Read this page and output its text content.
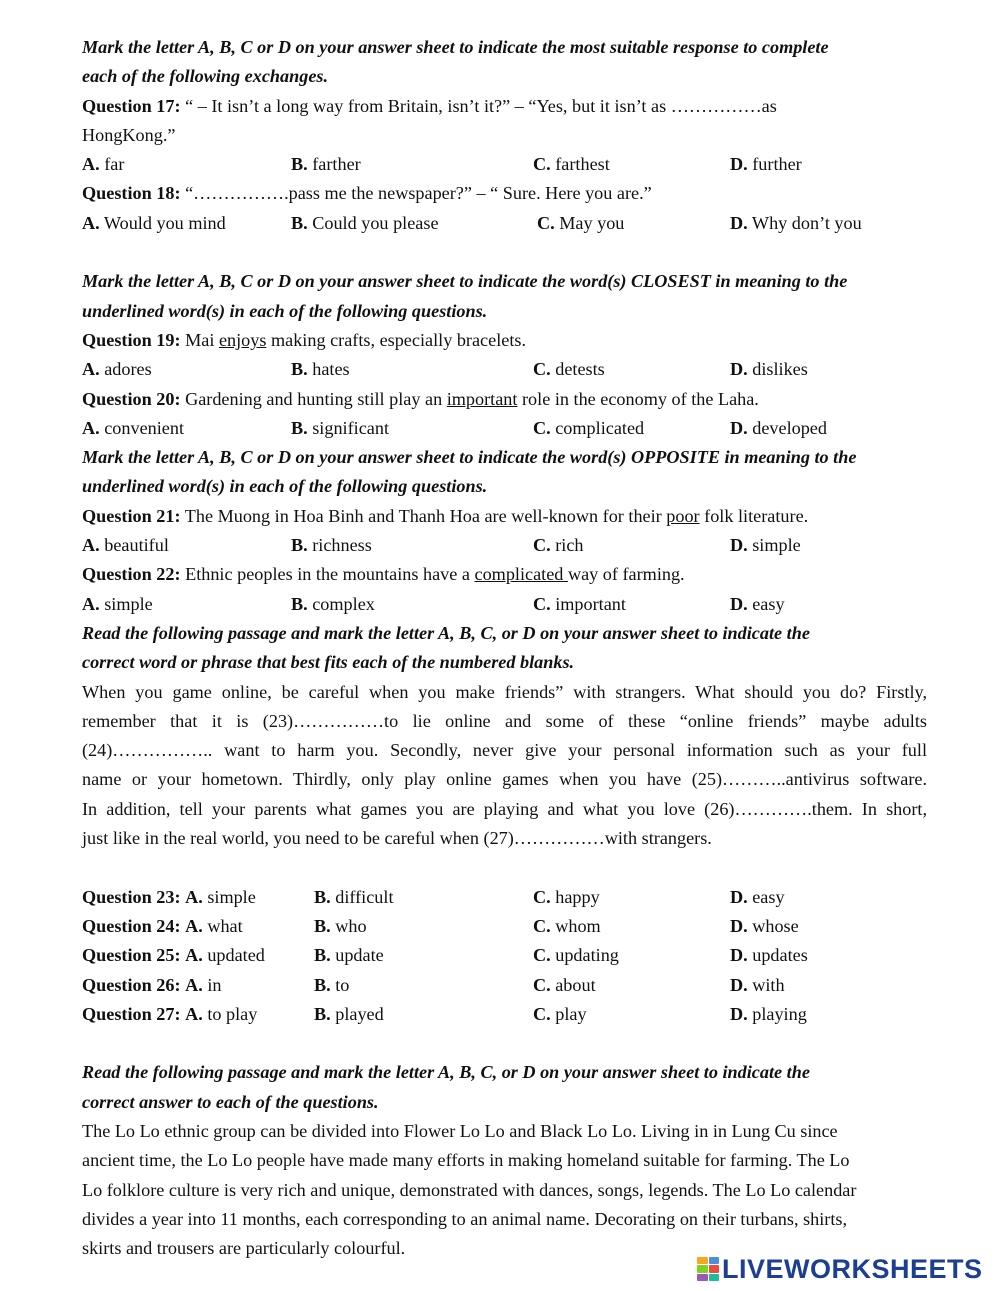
Mark the letter A, B, C or D on your answer sheet to indicate the most suitable response to complete
each of the following exchanges.
Question 17: “ – It isn’t a long way from Britain, isn’t it?” – “Yes, but it isn’t as ……………as
HongKong.”
A. far	B. farther	C. farthest	D. further
Question 18: “…………….pass me the newspaper?” – “ Sure. Here you are.”
A. Would you mind	B. Could you please	C. May you	D. Why don’t you
Mark the letter A, B, C or D on your answer sheet to indicate the word(s) CLOSEST in meaning to the
underlined word(s) in each of the following questions.
Question 19: Mai enjoys making crafts, especially bracelets.
A. adores	B. hates	C. detests	D. dislikes
Question 20: Gardening and hunting still play an important role in the economy of the Laha.
A. convenient	B. significant	C. complicated	D. developed
Mark the letter A, B, C or D on your answer sheet to indicate the word(s) OPPOSITE in meaning to the
underlined word(s) in each of the following questions.
Question 21: The Muong in Hoa Binh and Thanh Hoa are well-known for their poor folk literature.
A. beautiful	B. richness	C. rich	D. simple
Question 22: Ethnic peoples in the mountains have a complicated way of farming.
A. simple	B. complex	C. important	D. easy
Read the following passage and mark the letter A, B, C, or D on your answer sheet to indicate the
correct word or phrase that best fits each of the numbered blanks.
When you game online, be careful when you make friends” with strangers. What should you do? Firstly,
remember that it is (23)……………to lie online and some of these “online friends” maybe adults
(24)…………….. want to harm you. Secondly, never give your personal information such as your full
name or your hometown. Thirdly, only play online games when you have (25)………..antivirus software.
In addition, tell your parents what games you are playing and what you love (26)………….them. In short,
just like in the real world, you need to be careful when (27)……………with strangers.
Question 23: A. simple	B. difficult	C. happy	D. easy
Question 24: A. what	B. who	C. whom	D. whose
Question 25: A. updated	B. update	C. updating	D. updates
Question 26: A. in	B. to	C. about	D. with
Question 27: A. to play	B. played	C. play	D. playing
Read the following passage and mark the letter A, B, C, or D on your answer sheet to indicate the
correct answer to each of the questions.
The Lo Lo ethnic group can be divided into Flower Lo Lo and Black Lo Lo. Living in in Lung Cu since
ancient time, the Lo Lo people have made many efforts in making homeland suitable for farming. The Lo
Lo folklore culture is very rich and unique, demonstrated with dances, songs, legends. The Lo Lo calendar
divides a year into 11 months, each corresponding to an animal name. Decorating on their turbans, shirts,
skirts and trousers are particularly colourful.
LIVEWORKSHEETS
